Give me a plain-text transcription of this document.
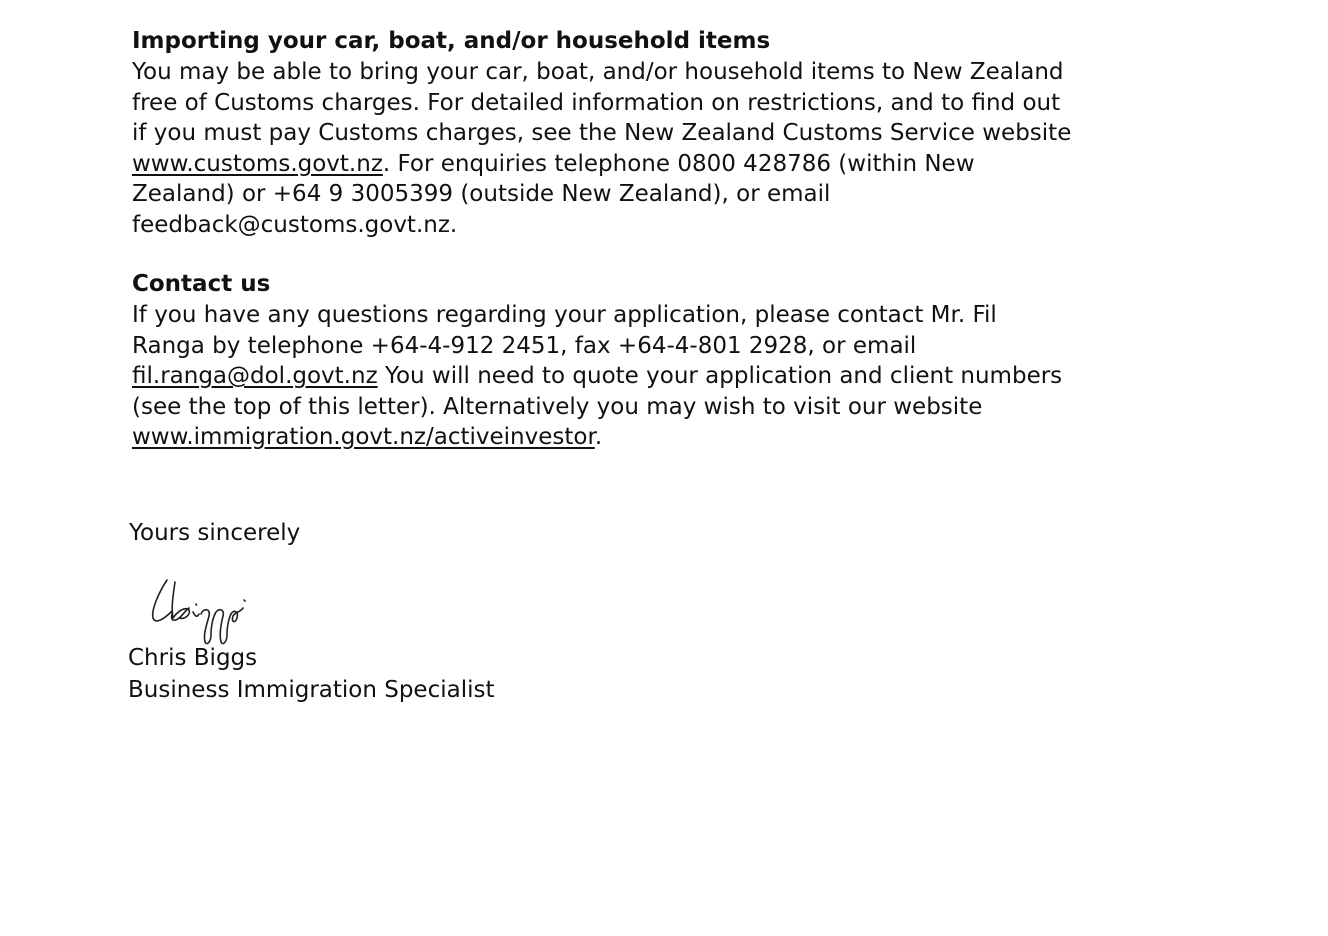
Importing your car, boat, and/or household items

You may be able to bring your car, boat, and/or household items to New Zealand
free of Customs charges. For detailed information on restrictions, and to find out
if you must pay Customs charges, see the New Zealand Customs Service website
www.customs.govt.nz. For enquiries telephone 0800 428786 (within New
Zealand) or +64 9 3005399 (outside New Zealand), or email
feedback@customs.govt.nz.

Contact us

If you have any questions regarding your application, please contact Mr. Fil
Ranga by telephone +64-4-912 2451, fax +64-4-801 2928, or email
fil.ranga@dol.govt.nz You will need to quote your application and client numbers
(see the top of this letter). Alternatively you may wish to visit our website
www.immigration.govt.nz/activeinvestor.

Yours sincerely
Chris Biggs
Business Immigration Specialist
